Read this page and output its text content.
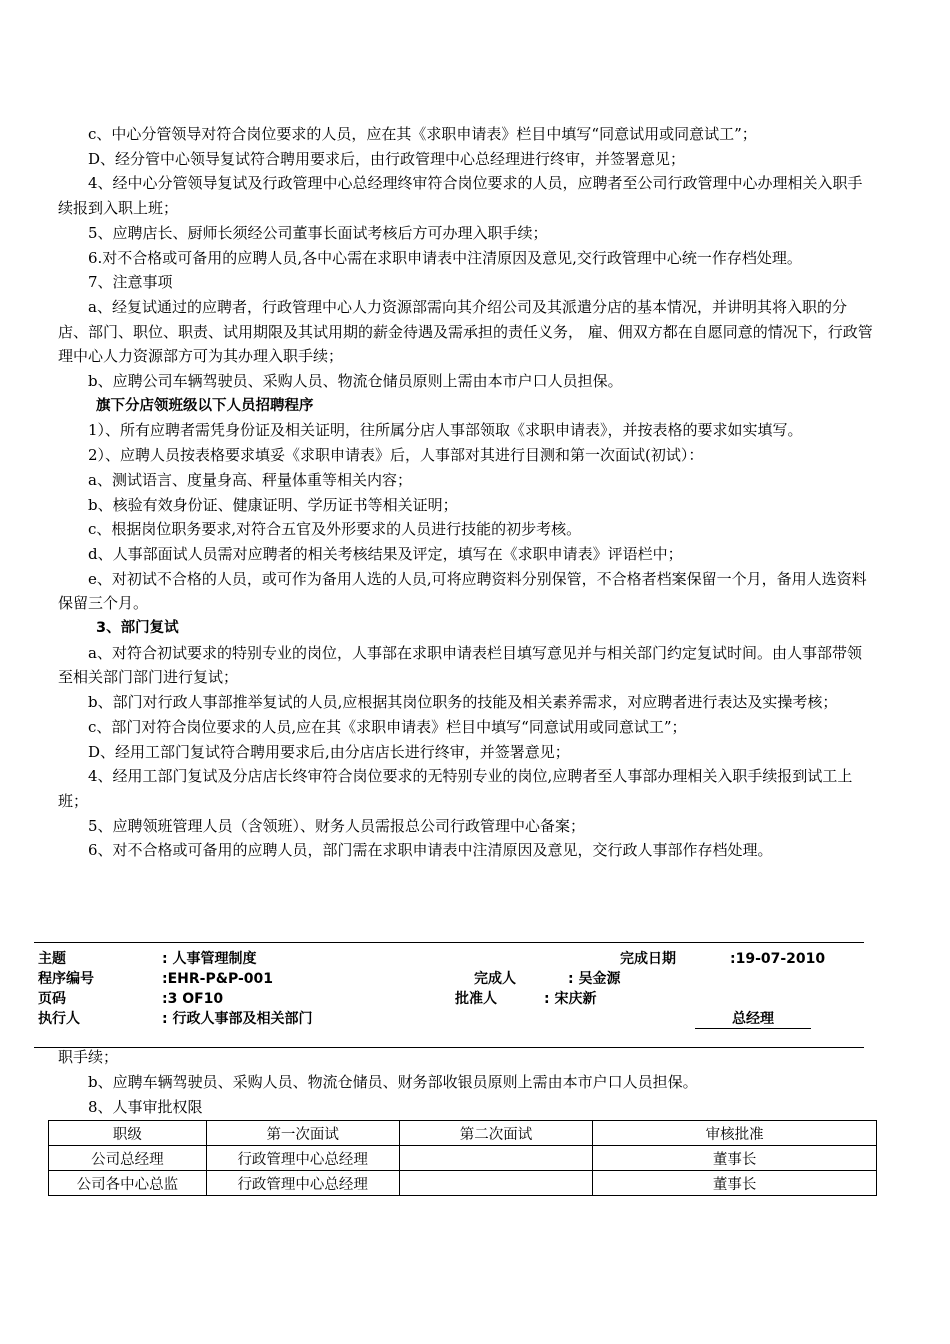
c、中心分管领导对符合岗位要求的人员，应在其《求职申请表》栏目中填写“同意试用或同意试工”；

D、经分管中心领导复试符合聘用要求后，由行政管理中心总经理进行终审，并签署意见；

4、经中心分管领导复试及行政管理中心总经理终审符合岗位要求的人员，应聘者至公司行政管理中心办理相关入职手续报到入职上班；

5、应聘店长、厨师长须经公司董事长面试考核后方可办理入职手续；

6.对不合格或可备用的应聘人员,各中心需在求职申请表中注清原因及意见,交行政管理中心统一作存档处理。

7、注意事项

a、经复试通过的应聘者，行政管理中心人力资源部需向其介绍公司及其派遣分店的基本情况，并讲明其将入职的分店、部门、职位、职责、试用期限及其试用期的薪金待遇及需承担的责任义务， 雇、佣双方都在自愿同意的情况下，行政管理中心人力资源部方可为其办理入职手续；

b、应聘公司车辆驾驶员、采购人员、物流仓储员原则上需由本市户口人员担保。

旗下分店领班级以下人员招聘程序

1）、所有应聘者需凭身份证及相关证明，往所属分店人事部领取《求职申请表》，并按表格的要求如实填写。

2）、应聘人员按表格要求填妥《求职申请表》后，人事部对其进行目测和第一次面试(初试）：

a、测试语言、度量身高、秤量体重等相关内容；

b、核验有效身份证、健康证明、学历证书等相关证明；

c、根据岗位职务要求,对符合五官及外形要求的人员进行技能的初步考核。

d、人事部面试人员需对应聘者的相关考核结果及评定，填写在《求职申请表》评语栏中；

e、对初试不合格的人员，或可作为备用人选的人员,可将应聘资料分别保管，不合格者档案保留一个月，备用人选资料保留三个月。

3、部门复试

a、对符合初试要求的特别专业的岗位，人事部在求职申请表栏目填写意见并与相关部门约定复试时间。由人事部带领至相关部门部门进行复试；

b、部门对行政人事部推举复试的人员,应根据其岗位职务的技能及相关素养需求，对应聘者进行表达及实操考核；

c、部门对符合岗位要求的人员,应在其《求职申请表》栏目中填写“同意试用或同意试工”；

D、经用工部门复试符合聘用要求后,由分店店长进行终审，并签署意见；

4、经用工部门复试及分店店长终审符合岗位要求的无特别专业的岗位,应聘者至人事部办理相关入职手续报到试工上班；

5、应聘领班管理人员（含领班）、财务人员需报总公司行政管理中心备案；

6、对不合格或可备用的应聘人员，部门需在求职申请表中注清原因及意见，交行政人事部作存档处理。

主题	: 人事管理制度	完成日期	:19-07-2010
程序编号	:EHR-P&P-001	完成人	: 吴金源
页码	:3 OF10	批准人	: 宋庆新
执行人	: 行政人事部及相关部门	总经理

职手续；

b、应聘车辆驾驶员、采购人员、物流仓储员、财务部收银员原则上需由本市户口人员担保。

8、人事审批权限

职级	第一次面试	第二次面试	审核批准
公司总经理	行政管理中心总经理		董事长
公司各中心总监	行政管理中心总经理		董事长
